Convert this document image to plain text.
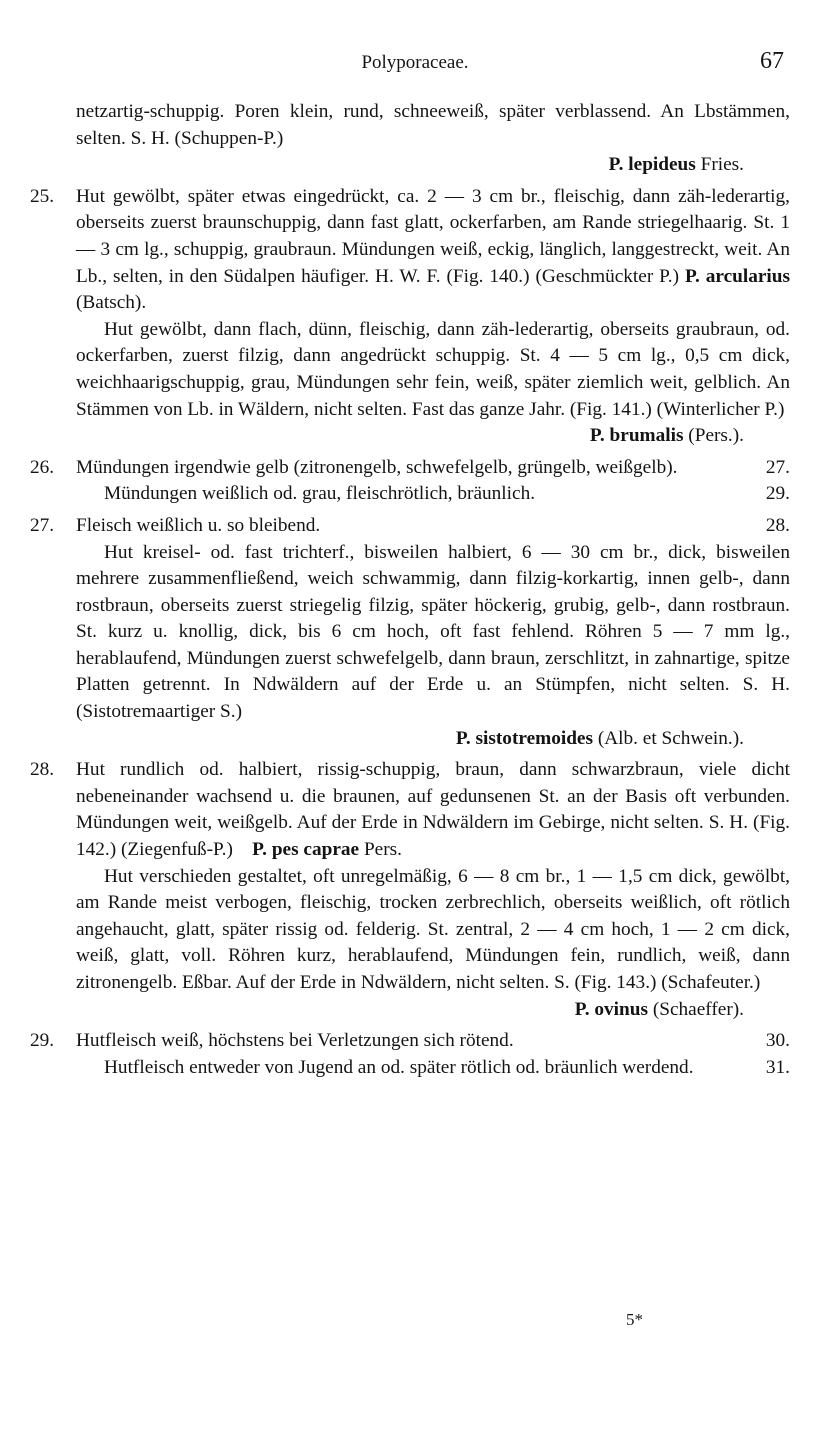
Polyporaceae.	67
netzartig-schuppig. Poren klein, rund, schneeweiß, später verblassend. An Lbstämmen, selten. S. H. (Schuppen-P.)
P. lepideus Fries.
25.	Hut gewölbt, später etwas eingedrückt, ca. 2 — 3 cm br., fleischig, dann zäh-lederartig, oberseits zuerst braunschuppig, dann fast glatt, ockerfarben, am Rande striegelhaarig. St. 1 — 3 cm lg., schuppig, graubraun. Mündungen weiß, eckig, länglich, langgestreckt, weit. An Lb., selten, in den Südalpen häufiger. H. W. F. (Fig. 140.) (Geschmückter P.) P. arcularius (Batsch).
Hut gewölbt, dann flach, dünn, fleischig, dann zäh-lederartig, oberseits graubraun, od. ockerfarben, zuerst filzig, dann angedrückt schuppig. St. 4 — 5 cm lg., 0,5 cm dick, weichhaarigschuppig, grau, Mündungen sehr fein, weiß, später ziemlich weit, gelblich. An Stämmen von Lb. in Wäldern, nicht selten. Fast das ganze Jahr. (Fig. 141.) (Winterlicher P.)
P. brumalis (Pers.).
26.	Mündungen irgendwie gelb (zitronengelb, schwefelgelb, grüngelb, weißgelb).	27.
Mündungen weißlich od. grau, fleischrötlich, bräunlich.	29.
27.	Fleisch weißlich u. so bleibend.	28.
Hut kreisel- od. fast trichterf., bisweilen halbiert, 6 — 30 cm br., dick, bisweilen mehrere zusammenfließend, weich schwammig, dann filzig-korkartig, innen gelb-, dann rostbraun, oberseits zuerst striegelig filzig, später höckerig, grubig, gelb-, dann rostbraun. St. kurz u. knollig, dick, bis 6 cm hoch, oft fast fehlend. Röhren 5 — 7 mm lg., herablaufend, Mündungen zuerst schwefelgelb, dann braun, zerschlitzt, in zahnartige, spitze Platten getrennt. In Ndwäldern auf der Erde u. an Stümpfen, nicht selten. S. H. (Sistotremaartiger S.)
P. sistotremoides (Alb. et Schwein.).
28.	Hut rundlich od. halbiert, rissig-schuppig, braun, dann schwarzbraun, viele dicht nebeneinander wachsend u. die braunen, auf gedunsenen St. an der Basis oft verbunden. Mündungen weit, weißgelb. Auf der Erde in Ndwäldern im Gebirge, nicht selten. S. H. (Fig. 142.) (Ziegenfuß-P.) P. pes caprae Pers.
Hut verschieden gestaltet, oft unregelmäßig, 6 — 8 cm br., 1 — 1,5 cm dick, gewölbt, am Rande meist verbogen, fleischig, trocken zerbrechlich, oberseits weißlich, oft rötlich angehaucht, glatt, später rissig od. felderig. St. zentral, 2 — 4 cm hoch, 1 — 2 cm dick, weiß, glatt, voll. Röhren kurz, herablaufend, Mündungen fein, rundlich, weiß, dann zitronengelb. Eßbar. Auf der Erde in Ndwäldern, nicht selten. S. (Fig. 143.) (Schafeuter.)
P. ovinus (Schaeffer).
29.	Hutfleisch weiß, höchstens bei Verletzungen sich rötend.	30.
Hutfleisch entweder von Jugend an od. später rötlich od. bräunlich werdend.	31.
5*
